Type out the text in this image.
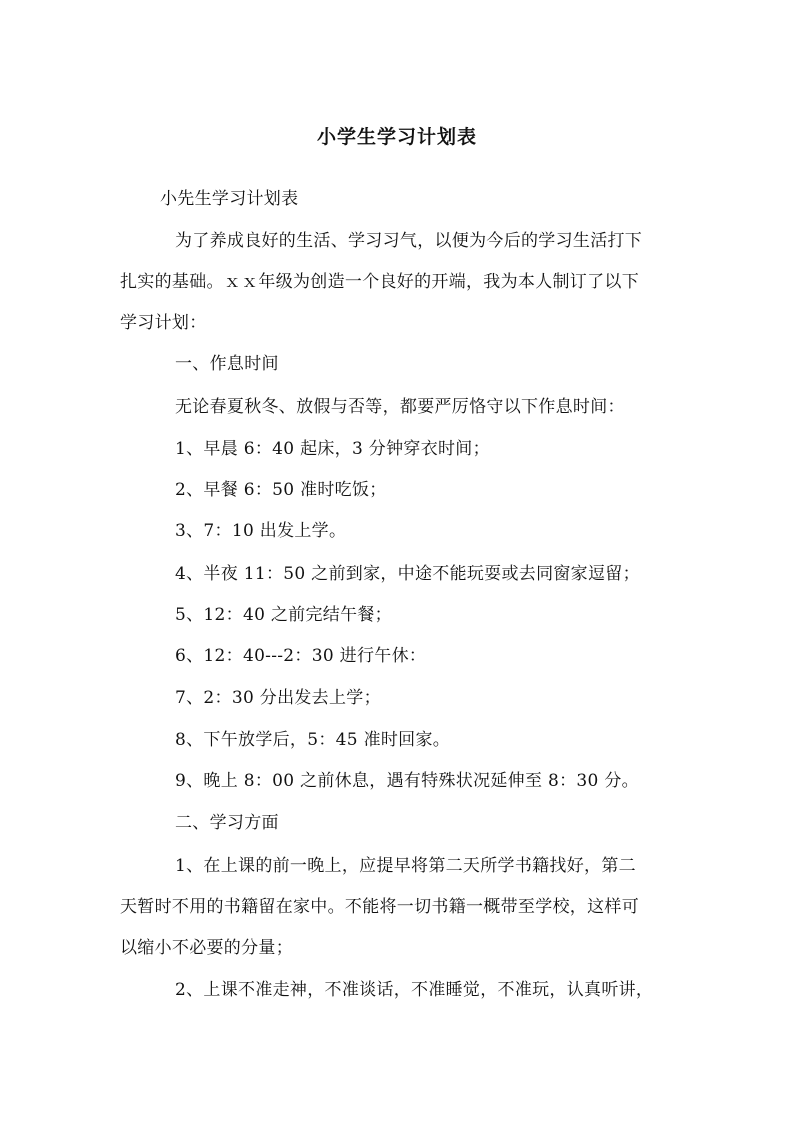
小学生学习计划表
小先生学习计划表
为了养成良好的生活、学习习气，以便为今后的学习生活打下
扎实的基础。ｘｘ年级为创造一个良好的开端，我为本人制订了以下
学习计划：
一、作息时间
无论春夏秋冬、放假与否等，都要严厉恪守以下作息时间：
1、早晨 6：40 起床，3 分钟穿衣时间；
2、早餐 6：50 准时吃饭；
3、7：10 出发上学。
4、半夜 11：50 之前到家，中途不能玩耍或去同窗家逗留；
5、12：40 之前完结午餐；
6、12：40---2：30 进行午休：
7、2：30 分出发去上学；
8、下午放学后，5：45 准时回家。
9、晚上 8：00 之前休息，遇有特殊状况延伸至 8：30 分。
二、学习方面
1、在上课的前一晚上，应提早将第二天所学书籍找好，第二
天暂时不用的书籍留在家中。不能将一切书籍一概带至学校，这样可
以缩小不必要的分量；
2、上课不准走神，不准谈话，不准睡觉，不准玩，认真听讲，
